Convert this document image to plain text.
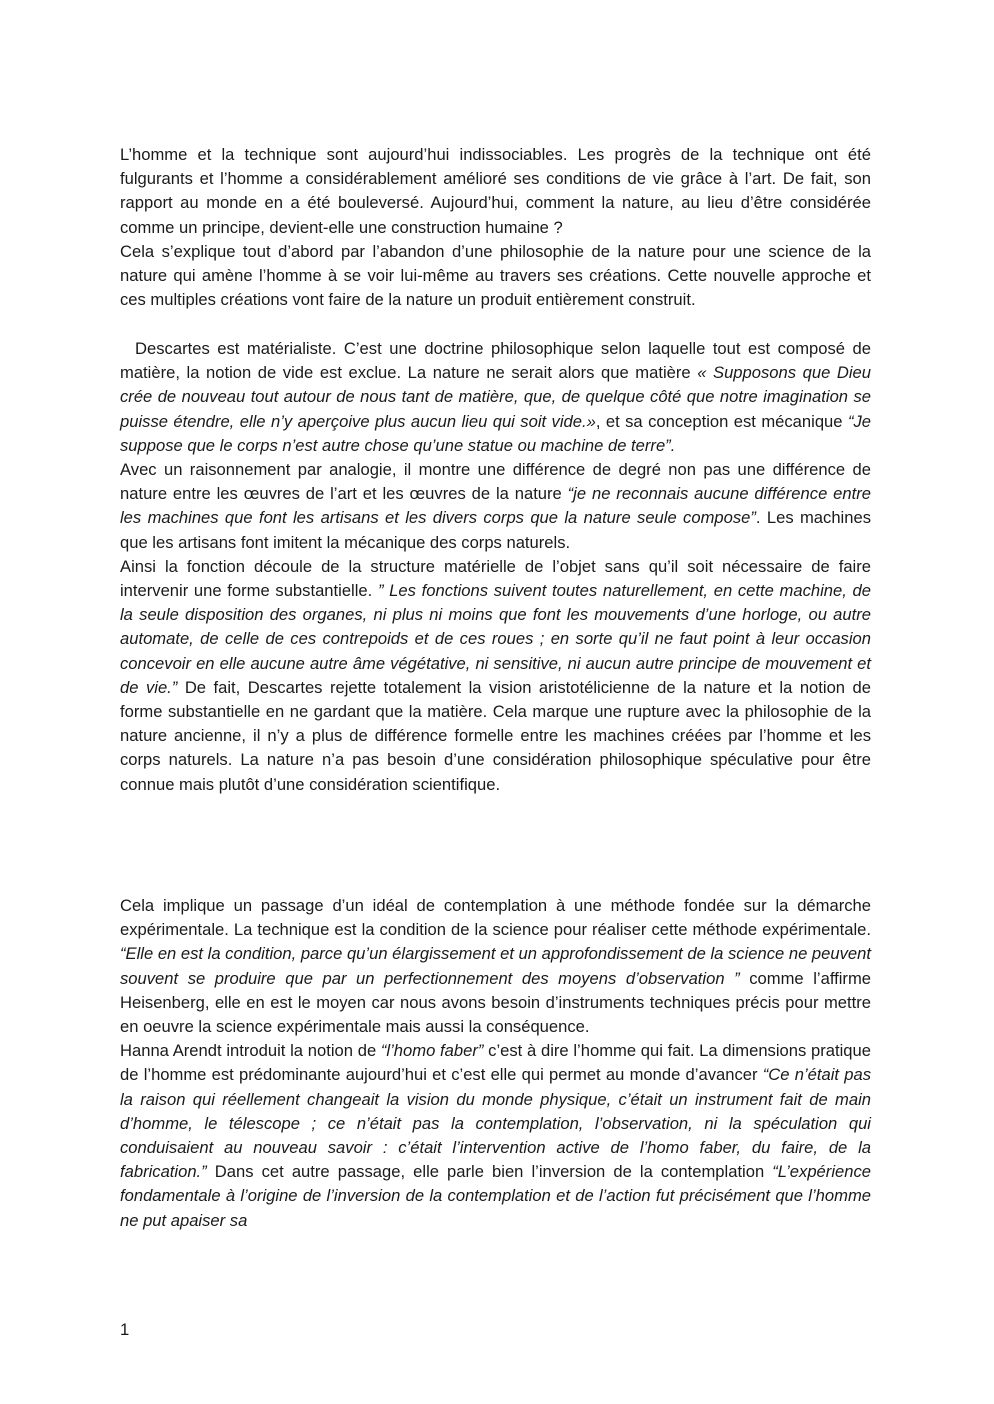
L’homme et la technique sont aujourd’hui indissociables. Les progrès de la technique ont été fulgurants et l’homme a considérablement amélioré ses conditions de vie grâce à l’art. De fait, son rapport au monde en a été bouleversé. Aujourd’hui, comment la nature, au lieu d’être considérée comme un principe, devient-elle une construction humaine ?

Cela s’explique tout d’abord par l’abandon d’une philosophie de la nature pour une science de la nature qui amène l’homme à se voir lui-même au travers ses créations. Cette nouvelle approche et ces multiples créations vont faire de la nature un produit entièrement construit.

Descartes est matérialiste. C’est une doctrine philosophique selon laquelle tout est composé de matière, la notion de vide est exclue. La nature ne serait alors que matière « Supposons que Dieu crée de nouveau tout autour de nous tant de matière, que, de quelque côté que notre imagination se puisse étendre, elle n’y aperçoive plus aucun lieu qui soit vide.», et sa conception est mécanique “Je suppose que le corps n’est autre chose qu’une statue ou machine de terre”.

Avec un raisonnement par analogie, il montre une différence de degré non pas une différence de nature entre les œuvres de l’art et les œuvres de la nature “je ne reconnais aucune différence entre les machines que font les artisans et les divers corps que la nature seule compose”. Les machines que les artisans font imitent la mécanique des corps naturels.

Ainsi la fonction découle de la structure matérielle de l’objet sans qu’il soit nécessaire de faire intervenir une forme substantielle. ” Les fonctions suivent toutes naturellement, en cette machine, de la seule disposition des organes, ni plus ni moins que font les mouvements d’une horloge, ou autre automate, de celle de ces contrepoids et de ces roues ; en sorte qu’il ne faut point à leur occasion concevoir en elle aucune autre âme végétative, ni sensitive, ni aucun autre principe de mouvement et de vie.” De fait, Descartes rejette totalement la vision aristotélicienne de la nature et la notion de forme substantielle en ne gardant que la matière. Cela marque une rupture avec la philosophie de la nature ancienne, il n’y a plus de différence formelle entre les machines créées par l’homme et les corps naturels. La nature n’a pas besoin d’une considération philosophique spéculative pour être connue mais plutôt d’une considération scientifique.

Cela implique un passage d’un idéal de contemplation à une méthode fondée sur la démarche expérimentale. La technique est la condition de la science pour réaliser cette méthode expérimentale. “Elle en est la condition, parce qu’un élargissement et un approfondissement de la science ne peuvent souvent se produire que par un perfectionnement des moyens d’observation ” comme l’affirme Heisenberg, elle en est le moyen car nous avons besoin d’instruments techniques précis pour mettre en oeuvre la science expérimentale mais aussi la conséquence.

Hanna Arendt introduit la notion de “l’homo faber” c’est à dire l’homme qui fait. La dimensions pratique de l’homme est prédominante aujourd’hui et c’est elle qui permet au monde d’avancer “Ce n’était pas la raison qui réellement changeait la vision du monde physique, c’était un instrument fait de main d’homme, le télescope ; ce n’était pas la contemplation, l’observation, ni la spéculation qui conduisaient au nouveau savoir : c’était l’intervention active de l’homo faber, du faire, de la fabrication.” Dans cet autre passage, elle parle bien l’inversion de la contemplation “L’expérience fondamentale à l’origine de l’inversion de la contemplation et de l’action fut précisément que l’homme ne put apaiser sa

1
